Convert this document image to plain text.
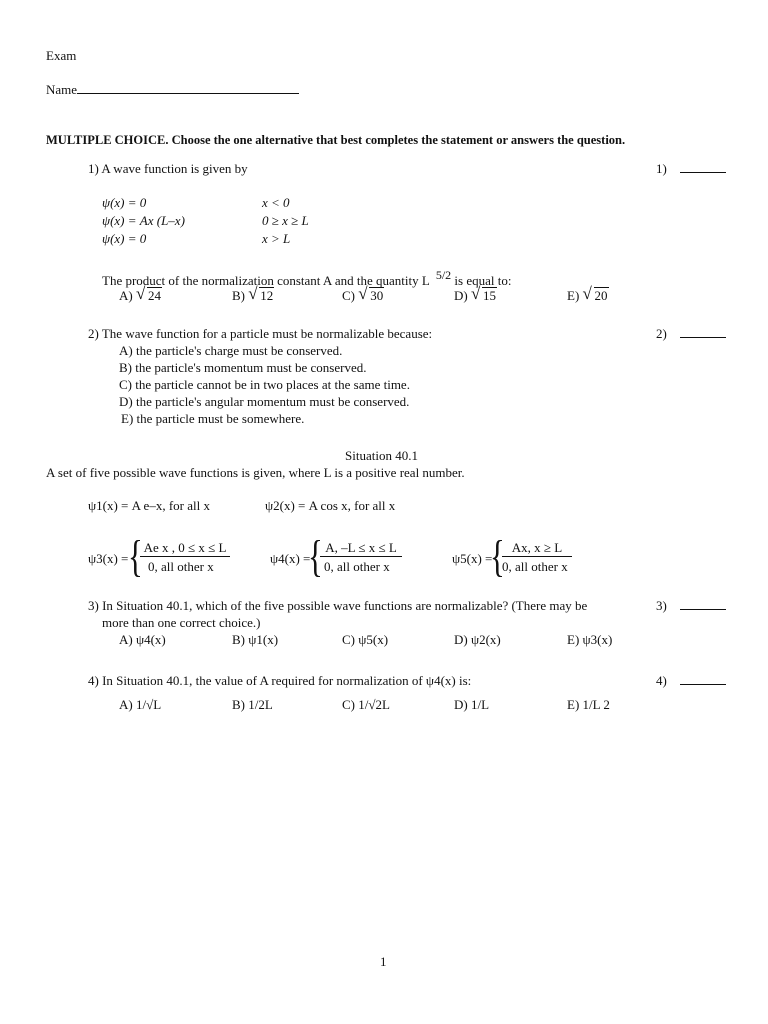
Exam
Name
MULTIPLE CHOICE. Choose the one alternative that best completes the statement or answers the question.
1) A wave function is given by	1)
ψ(x) = 0	x < 0
ψ(x) = Ax (L–x)	0 ≥ x ≥ L
ψ(x) = 0	x > L
The product of the normalization constant A and the quantity L 5/2 is equal to:
A) √ 24	B) √ 12	C) √ 30	D) √ 15	E) √ 20
2) The wave function for a particle must be normalizable because:	2)
A) the particle's charge must be conserved.
B) the particle's momentum must be conserved.
C) the particle cannot be in two places at the same time.
D) the particle's angular momentum must be conserved.
E) the particle must be somewhere.
Situation 40.1
A set of five possible wave functions is given, where L is a positive real number.
ψ1(x) = A e–x, for all x	ψ2(x) = A cos x, for all x
ψ3(x) = { Ae x , 0 ≤ x ≤ L
0, all other x
ψ4(x) =
{ A, –L ≤ x ≤ L
0, all other x
ψ5(x) =
{ Ax, x ≥ L
0, all other x
3) In Situation 40.1, which of the five possible wave functions are normalizable? (There may be
more than one correct choice.)
3)
A) ψ4(x)	B) ψ1(x)	C) ψ5(x)	D) ψ2(x)	E) ψ3(x)
4) In Situation 40.1, the value of A required for normalization of ψ4(x) is:	4)
A) 1/√L	B) 1/2L	C) 1/√2L	D) 1/L	E) 1/L 2
1
